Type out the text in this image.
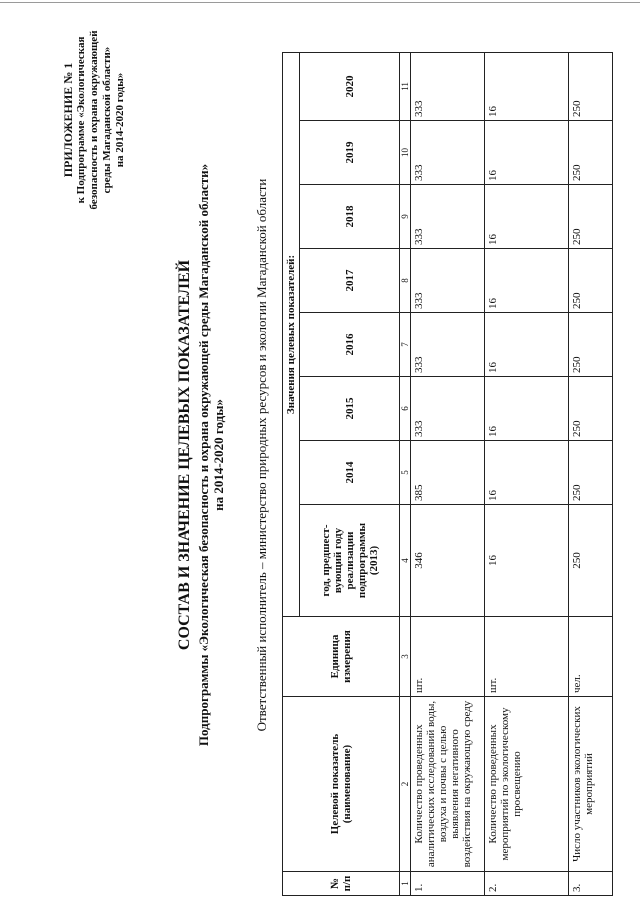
ПРИЛОЖЕНИЕ № 1 к Подпрограмме «Экологическая безопасность и охрана окружающей среды Магаданской области» на 2014-2020 годы»
СОСТАВ И ЗНАЧЕНИЕ ЦЕЛЕВЫХ ПОКАЗАТЕЛЕЙ Подпрограммы «Экологическая безопасность и охрана окружающей среды Магаданской области» на 2014-2020 годы» Ответственный исполнитель – министерство природных ресурсов и экологии Магаданской области
№ п/п	Целевой показатель (наименование)	Единица измерения	Значения целевых показателей:							
			год, предшест-вующий году реализации подпрограммы (2013)	2014	2015	2016	2017	2018	2019	2020
1	2	3	4	5	6	7	8	9	10	11
1.	Количество проведенных аналитических исследований воды, воздуха и почвы с целью выявления негативного воздействия на окружающую среду	шт.	346	385	333	333	333	333	333	333
2.	Количество проведенных мероприятий по экологическому просвещению	шт.	16	16	16	16	16	16	16	16
3.	Число участников экологических мероприятий	чел.	250	250	250	250	250	250	250	250
